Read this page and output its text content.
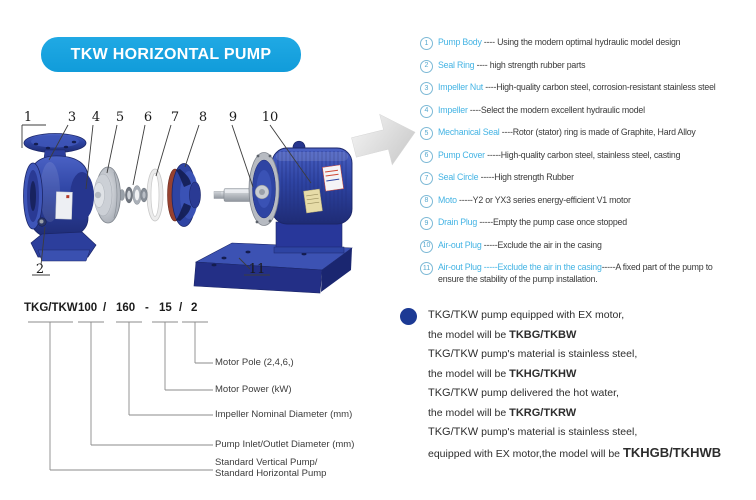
TKW HORIZONTAL PUMP
1	3 4 5 6 7 8 9 10
2	11
1	Pump Body ---- Using the modern optimal hydraulic model design
2	Seal Ring ---- high strength rubber parts
3	Impeller Nut ----High-quality carbon steel, corrosion-resistant stainless steel
4	Impeller ----Select the modern excellent hydraulic model
5	Mechanical Seal ----Rotor (stator) ring is made of Graphite, Hard Alloy
6	Pump Cover -----High-quality carbon steel, stainless steel, casting
7	Seal Circle -----High strength Rubber
8	Moto -----Y2 or YX3 series energy-efficient V1 motor
9	Drain Plug -----Empty the pump case once stopped
10 Air-out Plug -----Exclude the air in the casing
11 Air-out Plug -----Exclude the air in the casing-----A fixed part of the pump to
ensure the stability of the pump installation.
TKG/TKW 100 / 160 - 15 / 2
Motor Pole (2,4,6,)
Motor Power (kW)
Impeller Nominal Diameter (mm)
Pump Inlet/Outlet Diameter (mm)
Standard Vertical Pump/
Standard Horizontal Pump
TKG/TKW pump equipped with EX motor,
the model will be TKBG/TKBW
TKG/TKW pump's material is stainless steel,
the model will be TKHG/TKHW
TKG/TKW pump delivered the hot water,
the model will be TKRG/TKRW
TKG/TKW pump's material is stainless steel,
equipped with EX motor,the model will be TKHGB/TKHWB
